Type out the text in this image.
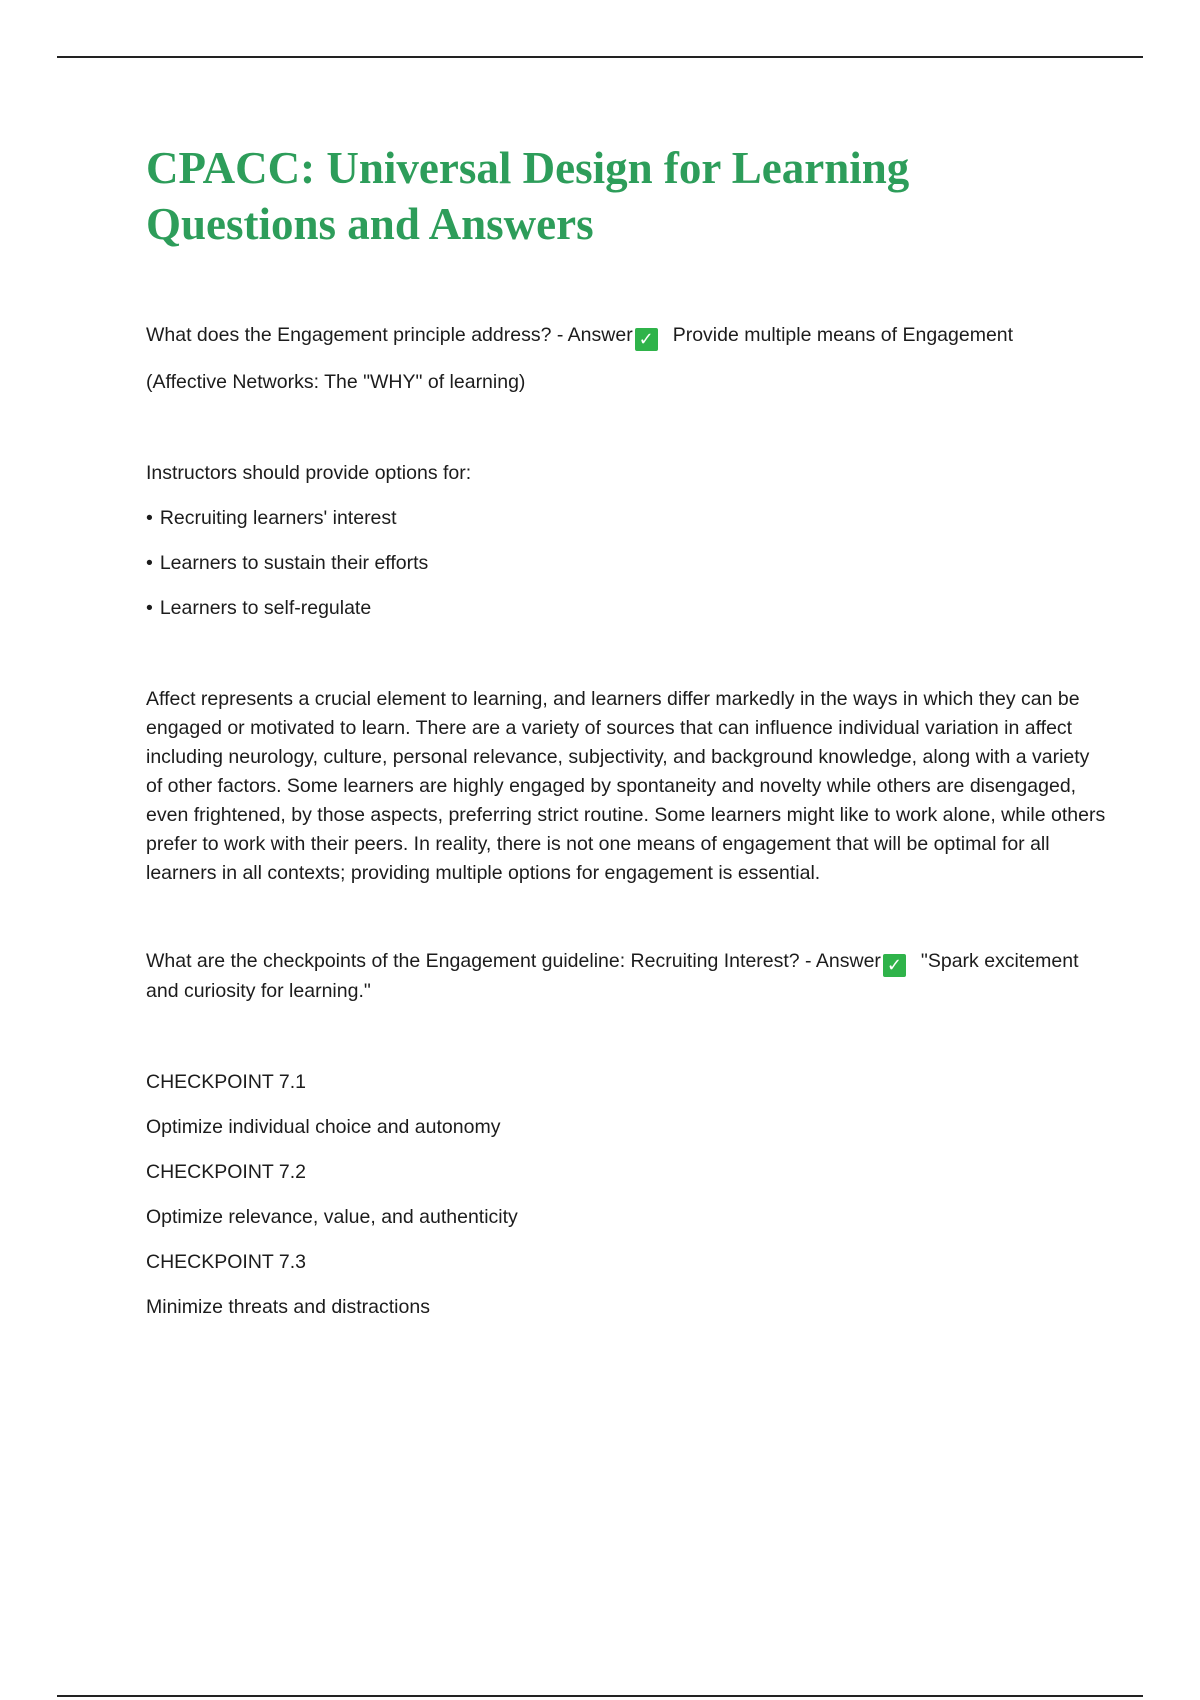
CPACC: Universal Design for Learning
Questions and Answers

What does the Engagement principle address? - Answer ✓ Provide multiple means of Engagement

(Affective Networks: The "WHY" of learning)

Instructors should provide options for:

• Recruiting learners' interest

• Learners to sustain their efforts

• Learners to self-regulate

Affect represents a crucial element to learning, and learners differ markedly in the ways in which they can be engaged or motivated to learn. There are a variety of sources that can influence individual variation in affect including neurology, culture, personal relevance, subjectivity, and background knowledge, along with a variety of other factors. Some learners are highly engaged by spontaneity and novelty while others are disengaged, even frightened, by those aspects, preferring strict routine. Some learners might like to work alone, while others prefer to work with their peers. In reality, there is not one means of engagement that will be optimal for all learners in all contexts; providing multiple options for engagement is essential.

What are the checkpoints of the Engagement guideline: Recruiting Interest? - Answer ✓ "Spark excitement and curiosity for learning."

CHECKPOINT 7.1

Optimize individual choice and autonomy

CHECKPOINT 7.2

Optimize relevance, value, and authenticity

CHECKPOINT 7.3

Minimize threats and distractions
